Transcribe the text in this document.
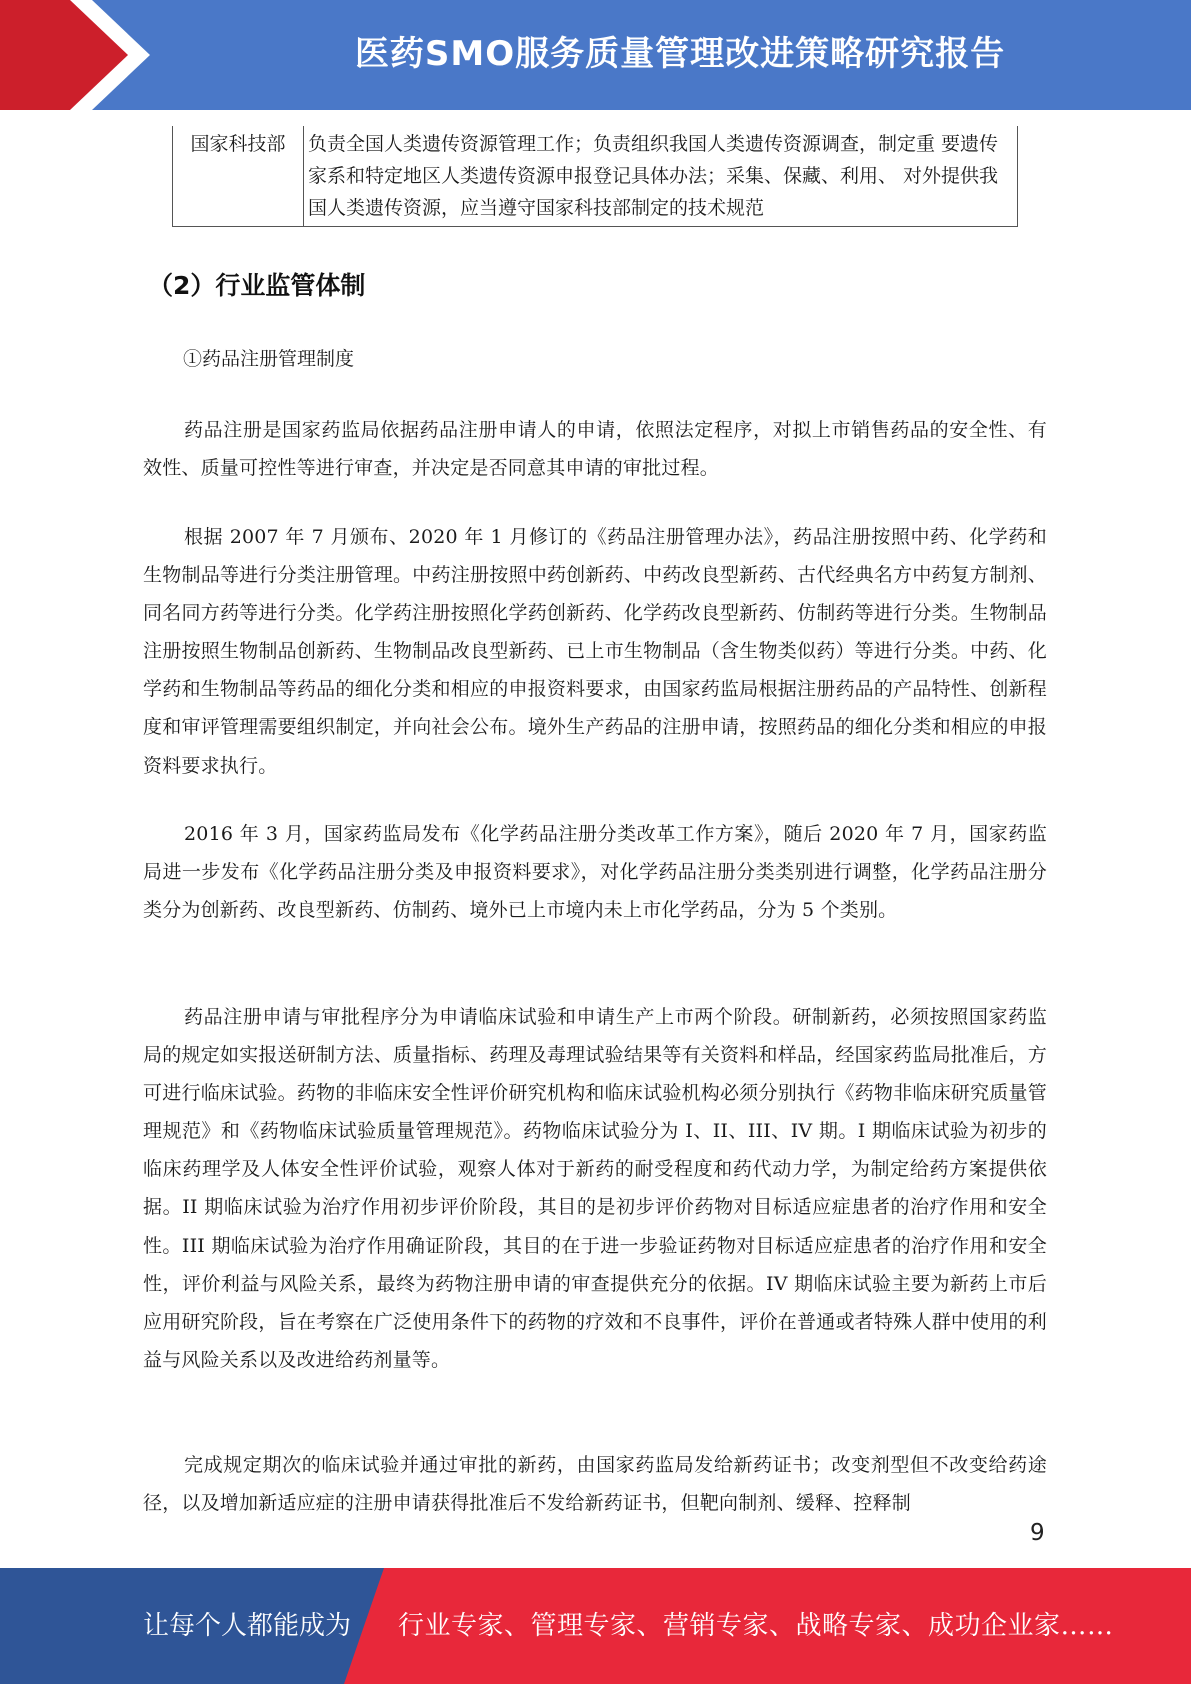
医药SMO服务质量管理改进策略研究报告
国家科技部	负责全国人类遗传资源管理工作；负责组织我国人类遗传资源调查，制定重 要遗传家系和特定地区人类遗传资源申报登记具体办法；采集、保藏、利用、 对外提供我国人类遗传资源，应当遵守国家科技部制定的技术规范
（2）行业监管体制

①药品注册管理制度

药品注册是国家药监局依据药品注册申请人的申请，依照法定程序，对拟上市销售药品的安全性、有效性、质量可控性等进行审查，并决定是否同意其申请的审批过程。

根据 2007 年 7 月颁布、2020 年 1 月修订的《药品注册管理办法》，药品注册按照中药、化学药和生物制品等进行分类注册管理。中药注册按照中药创新药、中药改良型新药、古代经典名方中药复方制剂、同名同方药等进行分类。化学药注册按照化学药创新药、化学药改良型新药、仿制药等进行分类。生物制品注册按照生物制品创新药、生物制品改良型新药、已上市生物制品（含生物类似药）等进行分类。中药、化学药和生物制品等药品的细化分类和相应的申报资料要求，由国家药监局根据注册药品的产品特性、创新程度和审评管理需要组织制定，并向社会公布。境外生产药品的注册申请，按照药品的细化分类和相应的申报资料要求执行。

2016 年 3 月，国家药监局发布《化学药品注册分类改革工作方案》，随后 2020 年 7 月，国家药监局进一步发布《化学药品注册分类及申报资料要求》，对化学药品注册分类类别进行调整，化学药品注册分类分为创新药、改良型新药、仿制药、境外已上市境内未上市化学药品，分为 5 个类别。

药品注册申请与审批程序分为申请临床试验和申请生产上市两个阶段。研制新药，必须按照国家药监局的规定如实报送研制方法、质量指标、药理及毒理试验结果等有关资料和样品，经国家药监局批准后，方可进行临床试验。药物的非临床安全性评价研究机构和临床试验机构必须分别执行《药物非临床研究质量管理规范》和《药物临床试验质量管理规范》。药物临床试验分为 I、II、III、IV 期。I 期临床试验为初步的临床药理学及人体安全性评价试验，观察人体对于新药的耐受程度和药代动力学，为制定给药方案提供依据。II 期临床试验为治疗作用初步评价阶段，其目的是初步评价药物对目标适应症患者的治疗作用和安全性。III 期临床试验为治疗作用确证阶段，其目的在于进一步验证药物对目标适应症患者的治疗作用和安全性，评价利益与风险关系，最终为药物注册申请的审查提供充分的依据。IV 期临床试验主要为新药上市后应用研究阶段，旨在考察在广泛使用条件下的药物的疗效和不良事件，评价在普通或者特殊人群中使用的利益与风险关系以及改进给药剂量等。

完成规定期次的临床试验并通过审批的新药，由国家药监局发给新药证书；改变剂型但不改变给药途径，以及增加新适应症的注册申请获得批准后不发给新药证书，但靶向制剂、缓释、控释制

9
让每个人都能成为 行业专家、管理专家、营销专家、战略专家、成功企业家……
